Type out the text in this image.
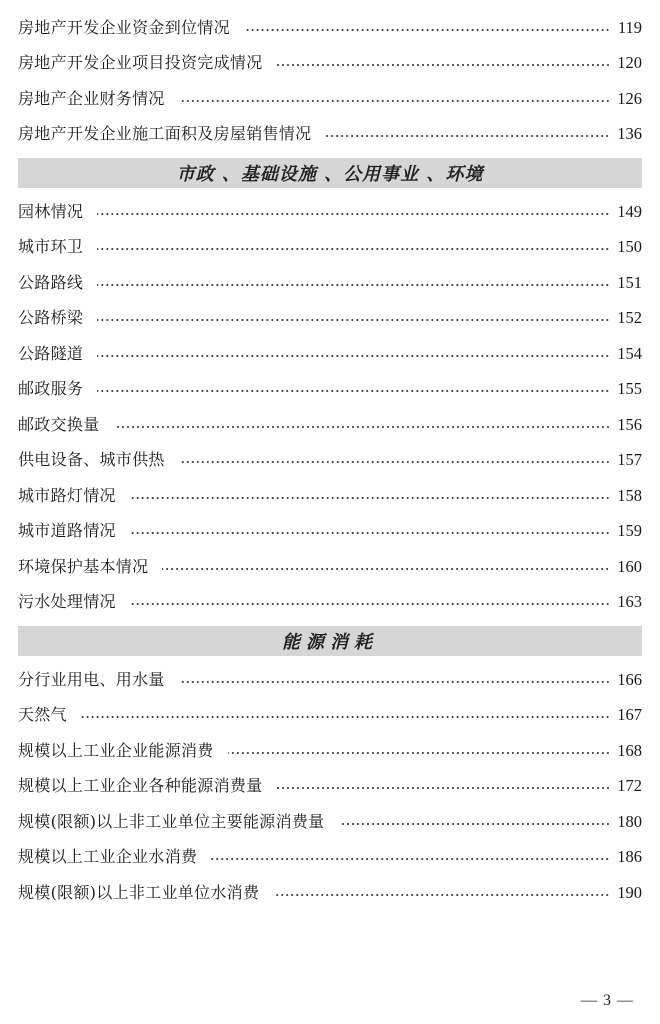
房地产开发企业资金到位情况	119
房地产开发企业项目投资完成情况	120
房地产企业财务情况	126
房地产开发企业施工面积及房屋销售情况	136
市政 、基础设施 、公用事业 、环境
园林情况	149
城市环卫	150
公路路线	151
公路桥梁	152
公路隧道	154
邮政服务	155
邮政交换量	156
供电设备、城市供热	157
城市路灯情况	158
城市道路情况	159
环境保护基本情况	160
污水处理情况	163
能源消耗
分行业用电、用水量	166
天然气	167
规模以上工业企业能源消费	168
规模以上工业企业各种能源消费量	172
规模(限额)以上非工业单位主要能源消费量	180
规模以上工业企业水消费	186
规模(限额)以上非工业单位水消费	190
— 3 —
